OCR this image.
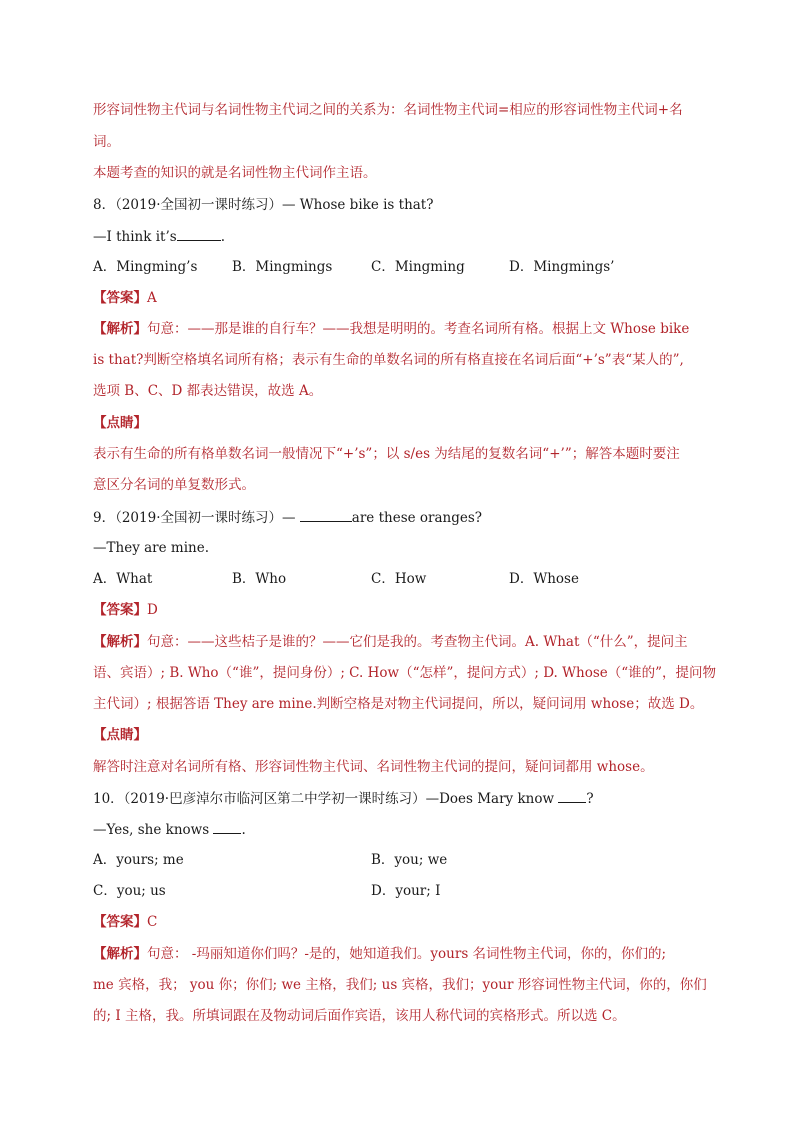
形容词性物主代词与名词性物主代词之间的关系为：名词性物主代词=相应的形容词性物主代词+名
词。
本题考查的知识的就是名词性物主代词作主语。
8．（2019·全国初一课时练习）— Whose bike is that?
—I think it’s	.
A．Mingming’s	B．Mingmings	C．Mingming	D．Mingmings’
【答案】A
【解析】句意：——那是谁的自行车？——我想是明明的。考查名词所有格。根据上文 Whose bike
is that?判断空格填名词所有格；表示有生命的单数名词的所有格直接在名词后面“+’s”表“某人的”,
选项 B、C、D 都表达错误，故选 A。
【点睛】
表示有生命的所有格单数名词一般情况下“+’s”；以 s/es 为结尾的复数名词“+’”；解答本题时要注
意区分名词的单复数形式。
9．（2019·全国初一课时练习）—	are these oranges?
—They are mine.
A．What	B．Who	C．How	D．Whose
【答案】D
【解析】句意：——这些桔子是谁的？——它们是我的。考查物主代词。A. What（“什么”，提问主
语、宾语）; B. Who（“谁”，提问身份）; C. How（“怎样”，提问方式）; D. Whose（“谁的”，提问物
主代词）; 根据答语 They are mine.判断空格是对物主代词提问，所以，疑问词用 whose；故选 D。
【点睛】
解答时注意对名词所有格、形容词性物主代词、名词性物主代词的提问，疑问词都用 whose。
10．（2019·巴彦淖尔市临河区第二中学初一课时练习）—Does Mary know ?
—Yes, she knows .
A．yours; me	B．you; we
C．you; us	D．your; I
【答案】C
【解析】句意： -玛丽知道你们吗？-是的，她知道我们。yours 名词性物主代词，你的，你们的;
me 宾格，我； you 你；你们; we 主格，我们; us 宾格，我们；your 形容词性物主代词，你的，你们
的; I 主格，我。所填词跟在及物动词后面作宾语，该用人称代词的宾格形式。所以选 C。
